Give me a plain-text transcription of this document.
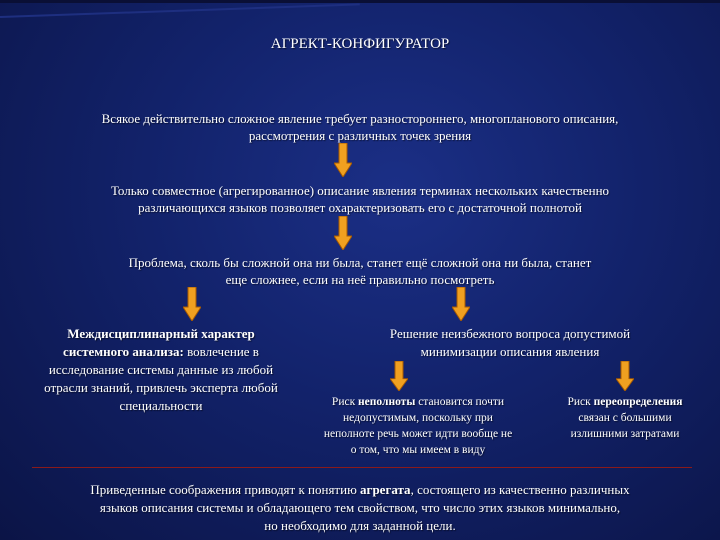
АГРЕКТ-КОНФИГУРАТОР
Всякое действительно сложное явление требует разностороннего, многопланового описания,
рассмотрения с различных точек зрения
Только совместное (агрегированное) описание явления терминах нескольких качественно
различающихся языков позволяет охарактеризовать его с достаточной полнотой
Проблема, сколь бы сложной она ни была, станет ещё сложной она ни была, станет
еще сложнее, если на неё правильно посмотреть
Междисциплинарный характер
системного анализа: вовлечение в
исследование системы данные из любой
отрасли знаний, привлечь эксперта любой
специальности
Решение неизбежного вопроса допустимой
минимизации описания явления
Риск неполноты становится почти
недопустимым, поскольку при
неполноте речь может идти вообще не
о том, что мы имеем в виду
Риск переопределения
связан с большими
излишними затратами
Приведенные соображения приводят к понятию агрегата, состоящего из качественно различных
языков описания системы и обладающего тем свойством, что число этих языков минимально,
но необходимо для заданной цели.
